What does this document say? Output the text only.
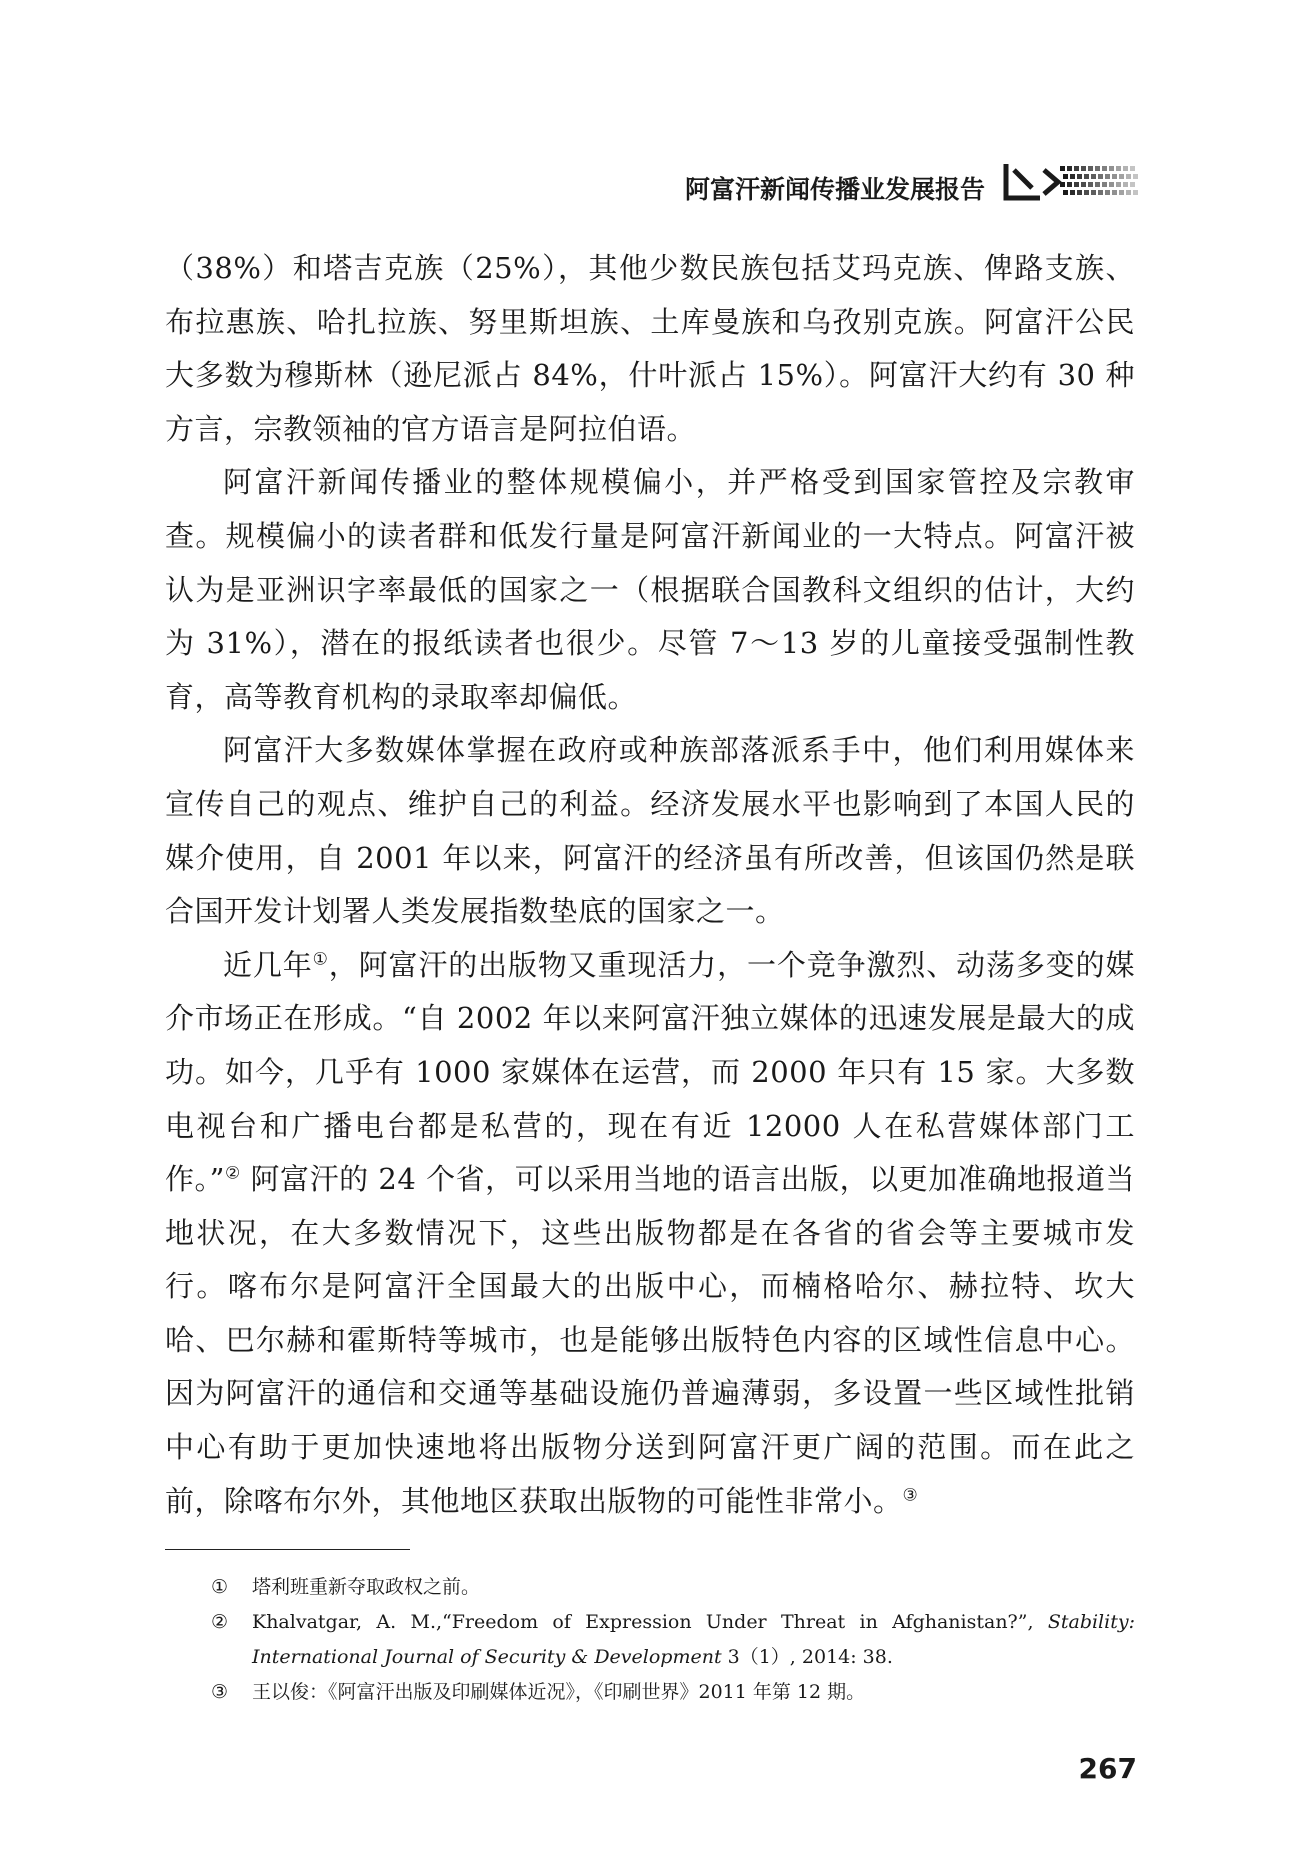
阿富汗新闻传播业发展报告

（38%）和塔吉克族（25%），其他少数民族包括艾玛克族、俾路支族、布拉惠族、哈扎拉族、努里斯坦族、土库曼族和乌孜别克族。阿富汗公民大多数为穆斯林（逊尼派占 84%，什叶派占 15%）。阿富汗大约有 30 种方言，宗教领袖的官方语言是阿拉伯语。

阿富汗新闻传播业的整体规模偏小，并严格受到国家管控及宗教审查。规模偏小的读者群和低发行量是阿富汗新闻业的一大特点。阿富汗被认为是亚洲识字率最低的国家之一（根据联合国教科文组织的估计，大约为 31%），潜在的报纸读者也很少。尽管 7～13 岁的儿童接受强制性教育，高等教育机构的录取率却偏低。

阿富汗大多数媒体掌握在政府或种族部落派系手中，他们利用媒体来宣传自己的观点、维护自己的利益。经济发展水平也影响到了本国人民的媒介使用，自 2001 年以来，阿富汗的经济虽有所改善，但该国仍然是联合国开发计划署人类发展指数垫底的国家之一。

近几年①，阿富汗的出版物又重现活力，一个竞争激烈、动荡多变的媒介市场正在形成。“自 2002 年以来阿富汗独立媒体的迅速发展是最大的成功。如今，几乎有 1000 家媒体在运营，而 2000 年只有 15 家。大多数电视台和广播电台都是私营的，现在有近 12000 人在私营媒体部门工作。”② 阿富汗的 24 个省，可以采用当地的语言出版，以更加准确地报道当地状况，在大多数情况下，这些出版物都是在各省的省会等主要城市发行。喀布尔是阿富汗全国最大的出版中心，而楠格哈尔、赫拉特、坎大哈、巴尔赫和霍斯特等城市，也是能够出版特色内容的区域性信息中心。因为阿富汗的通信和交通等基础设施仍普遍薄弱，多设置一些区域性批销中心有助于更加快速地将出版物分送到阿富汗更广阔的范围。而在此之前，除喀布尔外，其他地区获取出版物的可能性非常小。③

① 塔利班重新夺取政权之前。
② Khalvatgar, A. M.,“Freedom of Expression Under Threat in Afghanistan?”, Stability: International Journal of Security & Development 3（1）, 2014: 38.
③ 王以俊：《阿富汗出版及印刷媒体近况》，《印刷世界》2011 年第 12 期。
267
